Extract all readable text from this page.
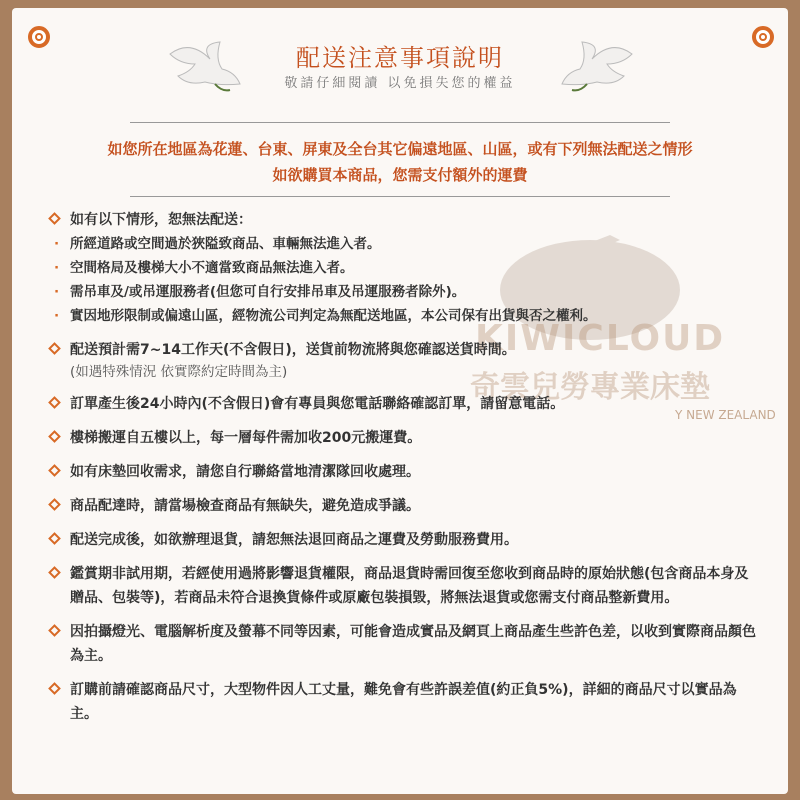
配送注意事項說明
敬請仔細閱讀 以免損失您的權益
如您所在地區為花蓮、台東、屏東及全台其它偏遠地區、山區，或有下列無法配送之情形
如欲購買本商品，您需支付額外的運費
KIWICLOUD
奇雲兒勞專業床墊
Y NEW ZEALAND
如有以下情形，恕無法配送：
· 所經道路或空間過於狹隘致商品、車輛無法進入者。
· 空間格局及樓梯大小不適當致商品無法進入者。
· 需吊車及/或吊運服務者(但您可自行安排吊車及吊運服務者除外)。
· 實因地形限制或偏遠山區，經物流公司判定為無配送地區，本公司保有出貨與否之權利。
配送預計需7~14工作天(不含假日)，送貨前物流將與您確認送貨時間。
(如遇特殊情況 依實際約定時間為主)
訂單產生後24小時內(不含假日)會有專員與您電話聯絡確認訂單，請留意電話。
樓梯搬運自五樓以上，每一層每件需加收200元搬運費。
如有床墊回收需求，請您自行聯絡當地清潔隊回收處理。
商品配達時，請當場檢查商品有無缺失，避免造成爭議。
配送完成後，如欲辦理退貨，請恕無法退回商品之運費及勞動服務費用。
鑑賞期非試用期，若經使用過將影響退貨權限，商品退貨時需回復至您收到商品時的原始狀態(包含商品本身及贈品、包裝等)，若商品未符合退換貨條件或原廠包裝損毀，將無法退貨或您需支付商品整新費用。
因拍攝燈光、電腦解析度及螢幕不同等因素，可能會造成實品及網頁上商品產生些許色差，以收到實際商品顏色為主。
訂購前請確認商品尺寸，大型物件因人工丈量，難免會有些許誤差值(約正負5%)，詳細的商品尺寸以實品為主。
